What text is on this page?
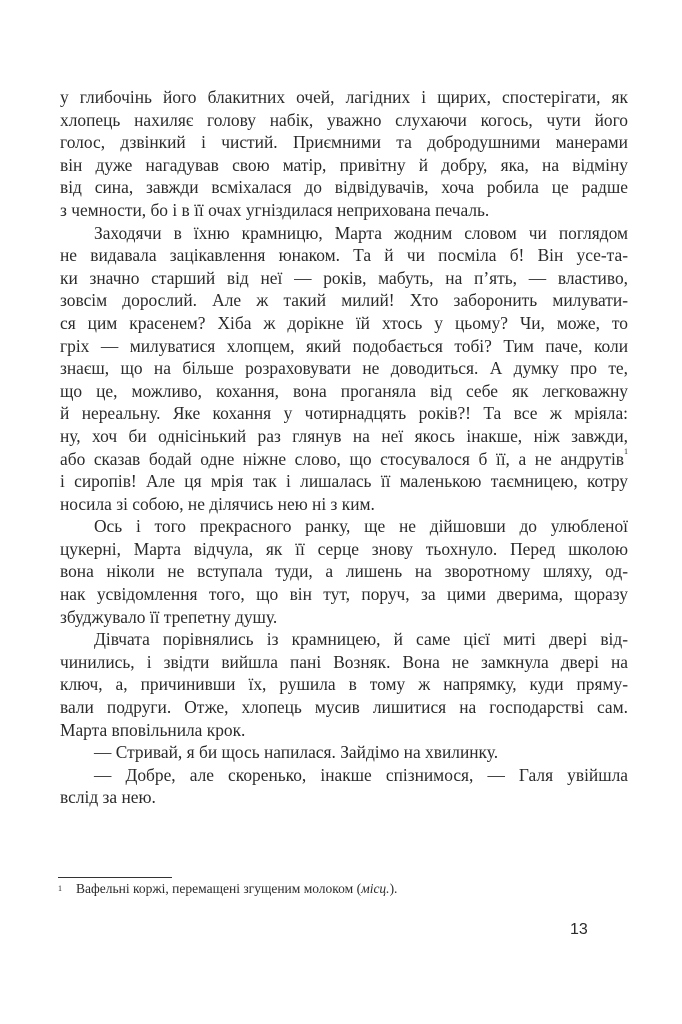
у глибочінь його блакитних очей, лагідних і щирих, спостерігати, як
хлопець нахиляє голову набік, уважно слухаючи когось, чути його
голос, дзвінкий і чистий. Приємними та добродушними манерами
він дуже нагадував свою матір, привітну й добру, яка, на відміну
від сина, завжди всміхалася до відвідувачів, хоча робила це радше
з чемности, бо і в її очах угніздилася неприхована печаль.
Заходячи в їхню крамницю, Марта жодним словом чи поглядом
не видавала зацікавлення юнаком. Та й чи посміла б! Він усе-та-
ки значно старший від неї — років, мабуть, на п’ять, — властиво,
зовсім дорослий. Але ж такий милий! Хто заборонить милувати-
ся цим красенем? Хіба ж дорікне їй хтось у цьому? Чи, може, то
гріх — милуватися хлопцем, який подобається тобі? Тим паче, коли
знаєш, що на більше розраховувати не доводиться. А думку про те,
що це, можливо, кохання, вона проганяла від себе як легковажну
й нереальну. Яке кохання у чотирнадцять років?! Та все ж мріяла:
ну, хоч би однісінький раз глянув на неї якось інакше, ніж завжди,
або сказав бодай одне ніжне слово, що стосувалося б її, а не андрутів$^1$
і сиропів! Але ця мрія так і лишалась її маленькою таємницею, котру
носила зі собою, не ділячись нею ні з ким.
Ось і того прекрасного ранку, ще не дійшовши до улюбленої
цукерні, Марта відчула, як її серце знову тьохнуло. Перед школою
вона ніколи не вступала туди, а лишень на зворотному шляху, од-
нак усвідомлення того, що він тут, поруч, за цими дверима, щоразу
збуджувало її трепетну душу.
Дівчата порівнялись із крамницею, й саме цієї миті двері від-
чинились, і звідти вийшла пані Возняк. Вона не замкнула двері на
ключ, а, причинивши їх, рушила в тому ж напрямку, куди пряму-
вали подруги. Отже, хлопець мусив лишитися на господарстві сам.
Марта вповільнила крок.
— Стривай, я би щось напилася. Зайдімо на хвилинку.
— Добре, але скоренько, інакше спізнимося, — Галя увійшла
вслід за нею.
$^1$ Вафельні коржі, перемащені згущеним молоком (місц.).
13
